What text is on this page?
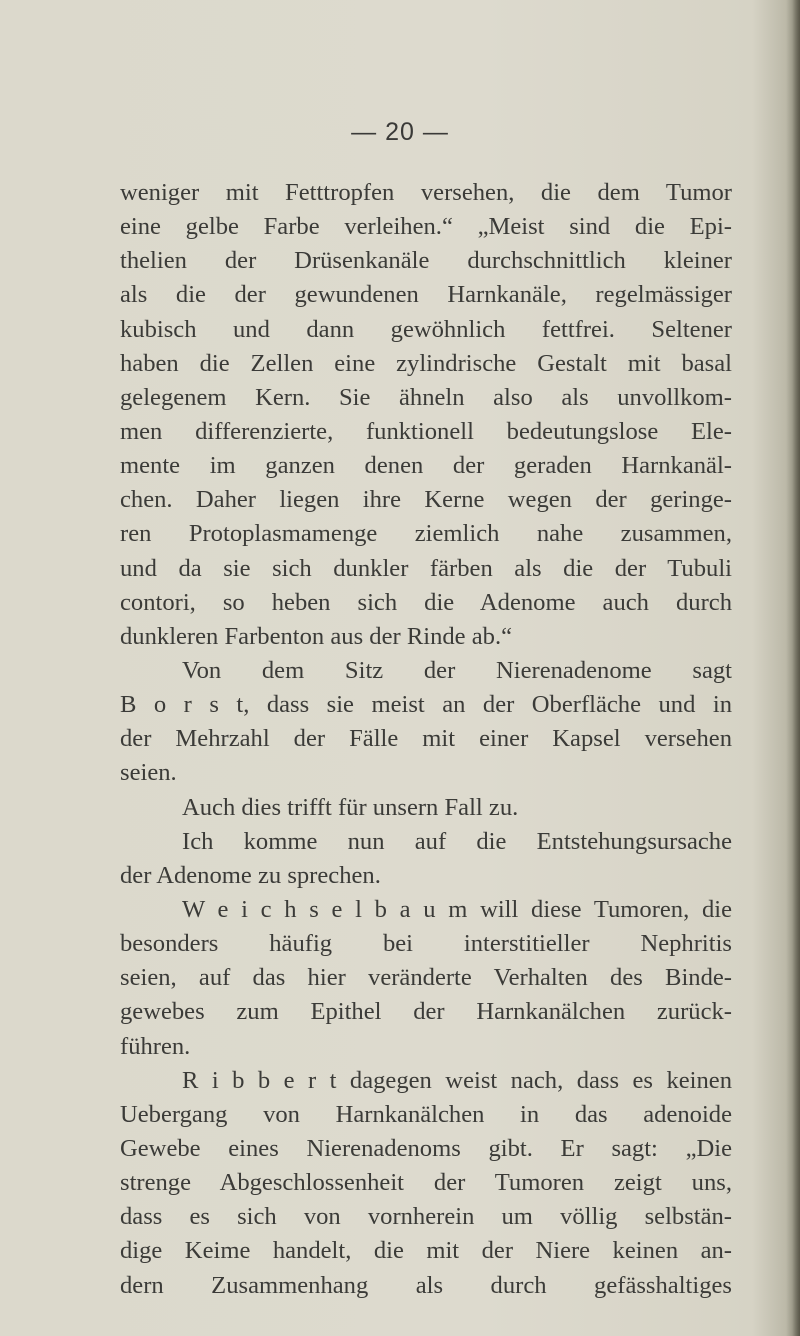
— 20 —
weniger mit Fetttropfen versehen, die dem Tumor
eine gelbe Farbe verleihen.“ „Meist sind die Epi-
thelien der Drüsenkanäle durchschnittlich kleiner
als die der gewundenen Harnkanäle, regelmässiger
kubisch und dann gewöhnlich fettfrei. Seltener
haben die Zellen eine zylindrische Gestalt mit basal
gelegenem Kern. Sie ähneln also als unvollkom-
men differenzierte, funktionell bedeutungslose Ele-
mente im ganzen denen der geraden Harnkanäl-
chen. Daher liegen ihre Kerne wegen der geringe-
ren Protoplasmamenge ziemlich nahe zusammen,
und da sie sich dunkler färben als die der Tubuli
contori, so heben sich die Adenome auch durch
dunkleren Farbenton aus der Rinde ab.“
Von dem Sitz der Nierenadenome sagt
B o r s t, dass sie meist an der Oberfläche und in
der Mehrzahl der Fälle mit einer Kapsel versehen
seien.
Auch dies trifft für unsern Fall zu.
Ich komme nun auf die Entstehungsursache
der Adenome zu sprechen.
W e i c h s e l b a u m will diese Tumoren, die
besonders häufig bei interstitieller Nephritis
seien, auf das hier veränderte Verhalten des Binde-
gewebes zum Epithel der Harnkanälchen zurück-
führen.
R i b b e r t dagegen weist nach, dass es keinen
Uebergang von Harnkanälchen in das adenoide
Gewebe eines Nierenadenoms gibt. Er sagt: „Die
strenge Abgeschlossenheit der Tumoren zeigt uns,
dass es sich von vornherein um völlig selbstän-
dige Keime handelt, die mit der Niere keinen an-
dern Zusammenhang als durch gefässhaltiges
